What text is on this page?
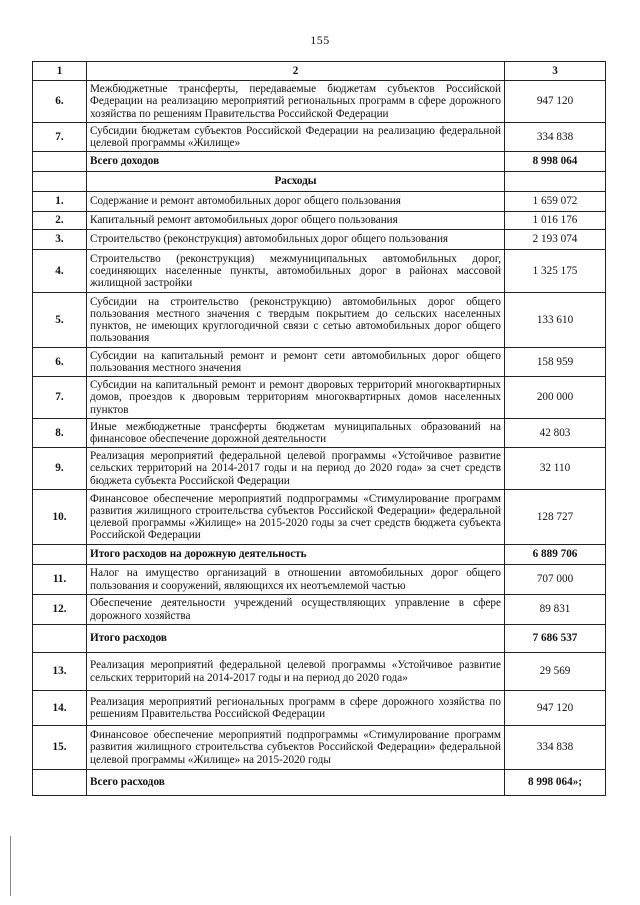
155
1	2	3
6.	Межбюджетные трансферты, передаваемые бюджетам субъектов Российской Федерации на реализацию мероприятий региональных программ в сфере дорожного хозяйства по решениям Правительства Российской Федерации	947 120
7.	Субсидии бюджетам субъектов Российской Федерации на реализацию федеральной целевой программы «Жилище»	334 838
	Всего доходов	8 998 064
	Расходы	
1.	Содержание и ремонт автомобильных дорог общего пользования	1 659 072
2.	Капитальный ремонт автомобильных дорог общего пользования	1 016 176
3.	Строительство (реконструкция) автомобильных дорог общего пользования	2 193 074
4.	Строительство (реконструкция) межмуниципальных автомобильных дорог, соединяющих населенные пункты, автомобильных дорог в районах массовой жилищной застройки	1 325 175
5.	Субсидии на строительство (реконструкцию) автомобильных дорог общего пользования местного значения с твердым покрытием до сельских населенных пунктов, не имеющих круглогодичной связи с сетью автомобильных дорог общего пользования	133 610
6.	Субсидии на капитальный ремонт и ремонт сети автомобильных дорог общего пользования местного значения	158 959
7.	Субсидии на капитальный ремонт и ремонт дворовых территорий многоквартирных домов, проездов к дворовым территориям многоквартирных домов населенных пунктов	200 000
8.	Иные межбюджетные трансферты бюджетам муниципальных образований на финансовое обеспечение дорожной деятельности	42 803
9.	Реализация мероприятий федеральной целевой программы «Устойчивое развитие сельских территорий на 2014-2017 годы и на период до 2020 года» за счет средств бюджета субъекта Российской Федерации	32 110
10.	Финансовое обеспечение мероприятий подпрограммы «Стимулирование программ развития жилищного строительства субъектов Российской Федерации» федеральной целевой программы «Жилище» на 2015-2020 годы за счет средств бюджета субъекта Российской Федерации	128 727
	Итого расходов на дорожную деятельность	6 889 706
11.	Налог на имущество организаций в отношении автомобильных дорог общего пользования и сооружений, являющихся их неотъемлемой частью	707 000
12.	Обеспечение деятельности учреждений осуществляющих управление в сфере дорожного хозяйства	89 831
	Итого расходов	7 686 537
13.	Реализация мероприятий федеральной целевой программы «Устойчивое развитие сельских территорий на 2014-2017 годы и на период до 2020 года»	29 569
14.	Реализация мероприятий региональных программ в сфере дорожного хозяйства по решениям Правительства Российской Федерации	947 120
15.	Финансовое обеспечение мероприятий подпрограммы «Стимулирование программ развития жилищного строительства субъектов Российской Федерации» федеральной целевой программы «Жилище» на 2015-2020 годы	334 838
	Всего расходов	8 998 064»;
